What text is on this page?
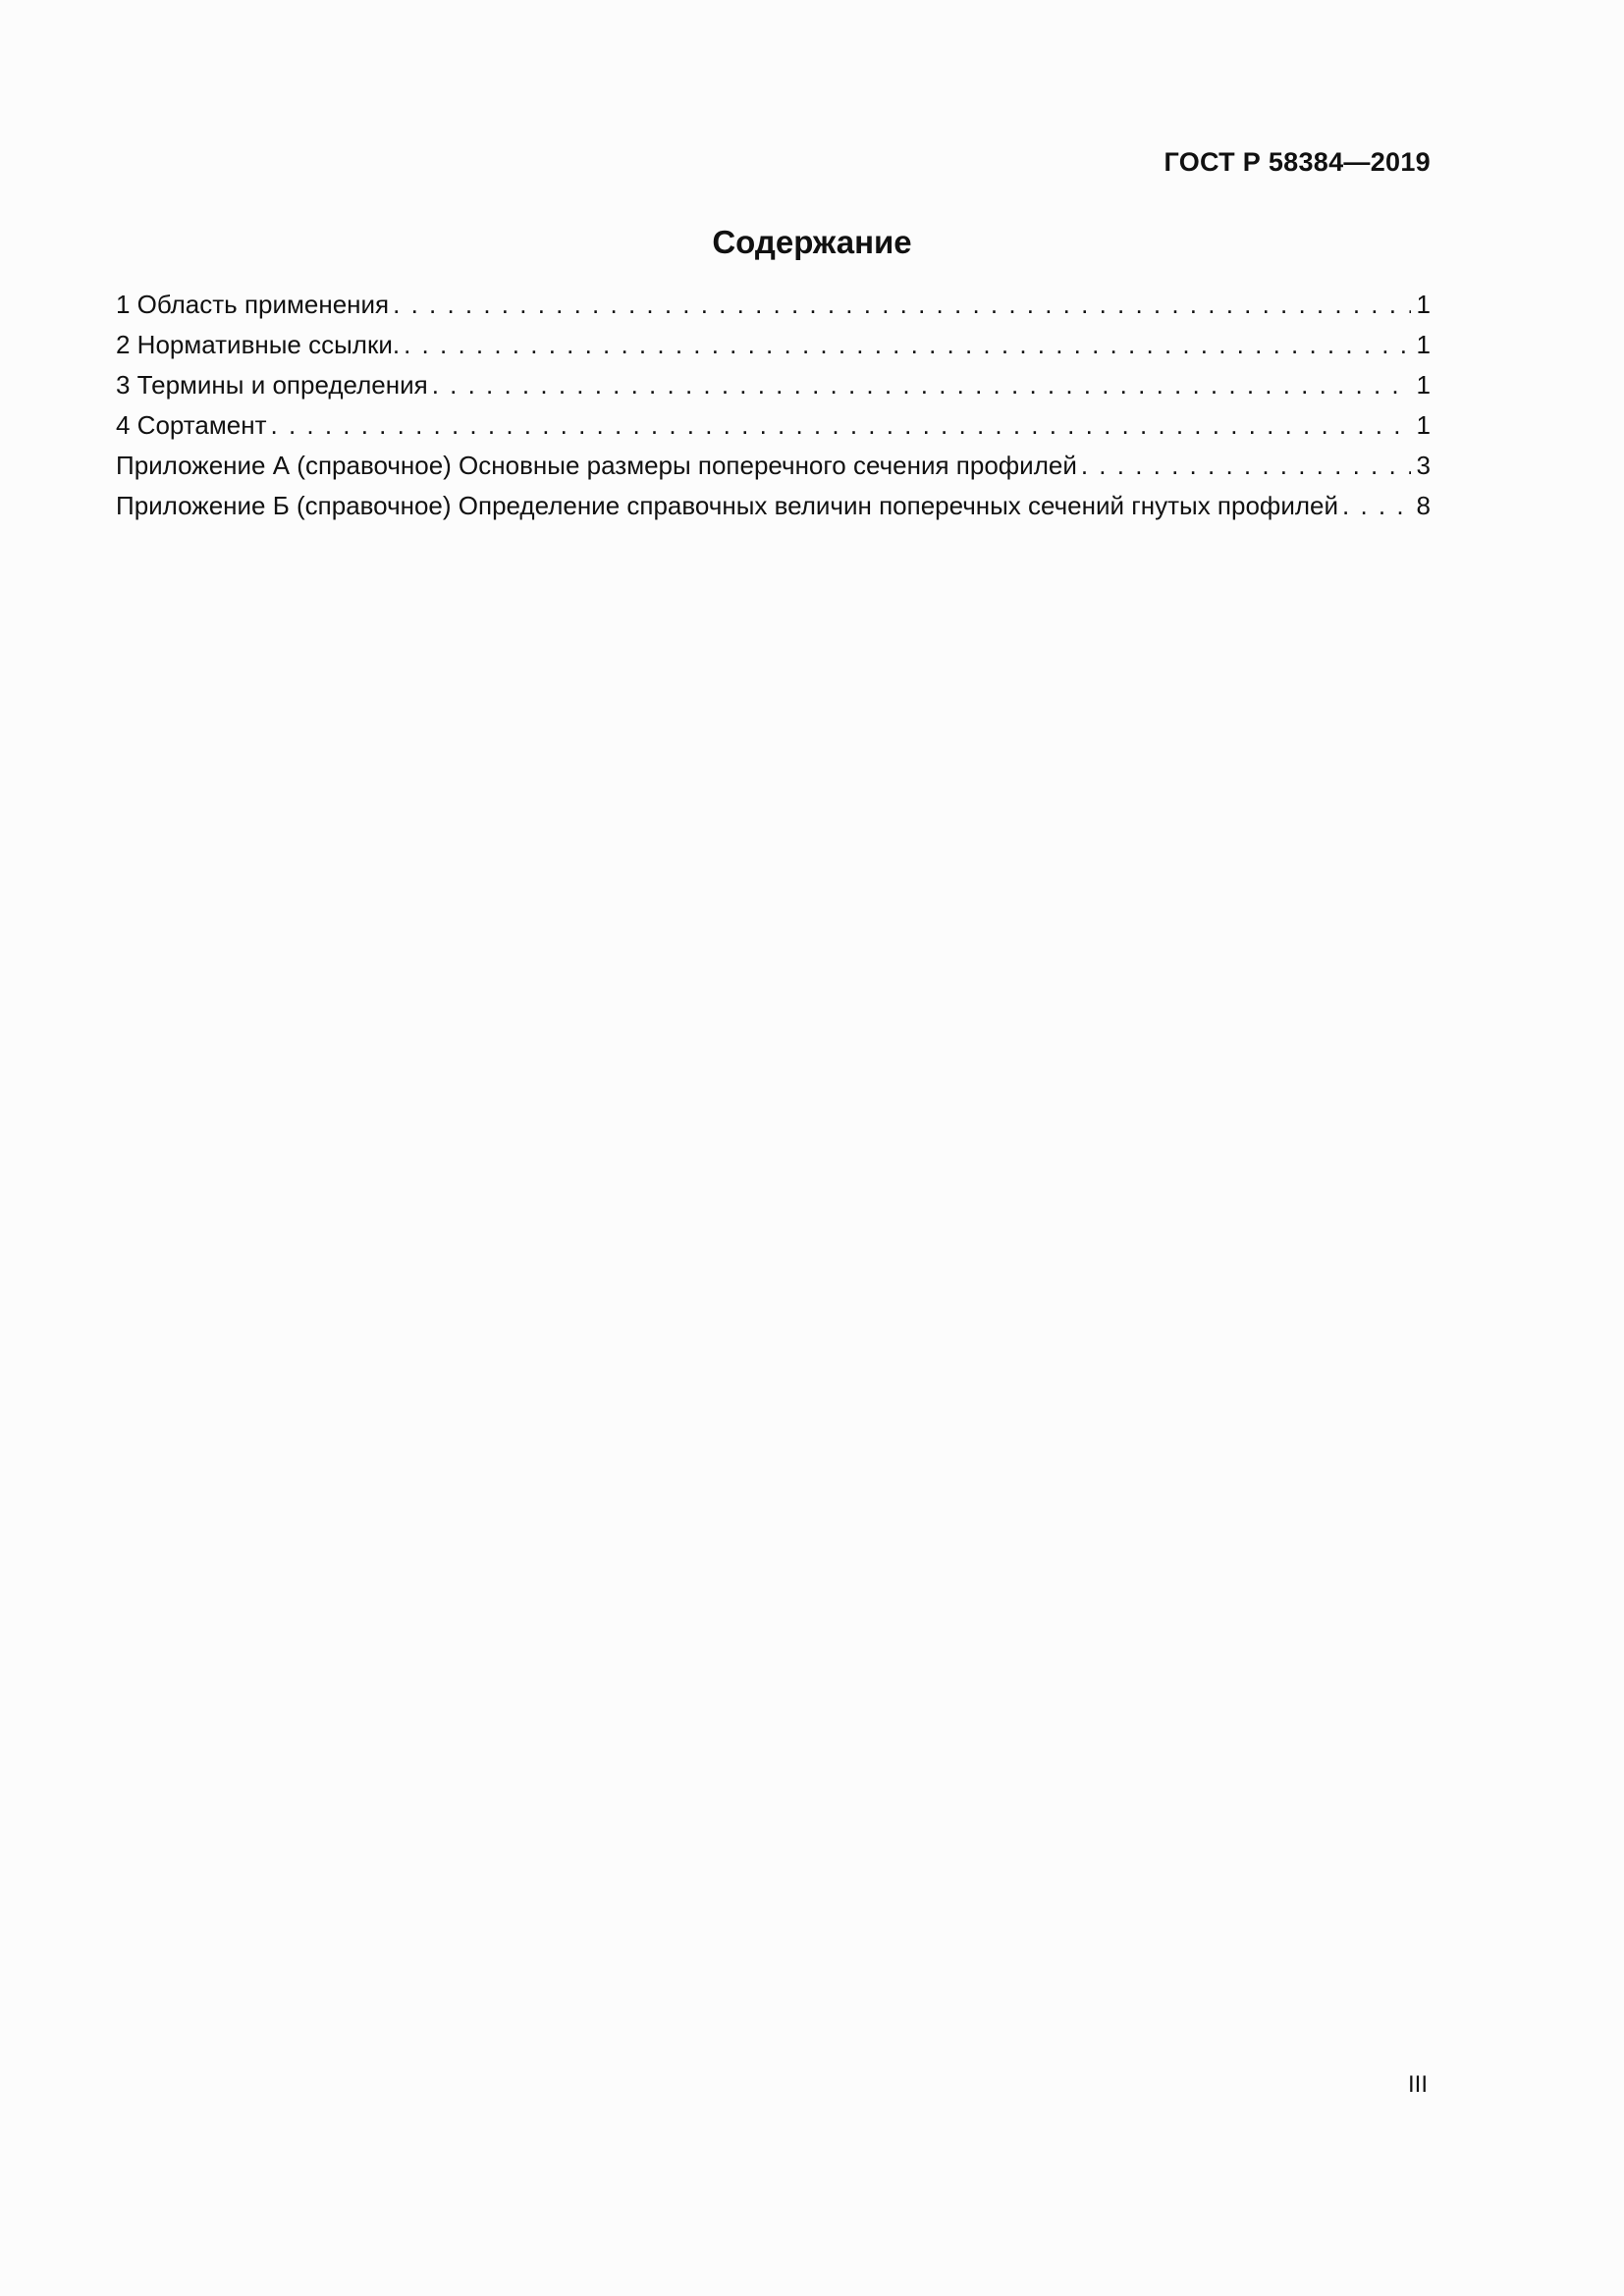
ГОСТ Р 58384—2019
Содержание
1 Область применения . . .	1
2 Нормативные ссылки. . . .	1
3 Термины и определения . . .	1
4 Сортамент . . .	1
Приложение А (справочное) Основные размеры поперечного сечения профилей . . .	3
Приложение Б (справочное) Определение справочных величин поперечных сечений гнутых профилей . . .	8
III
